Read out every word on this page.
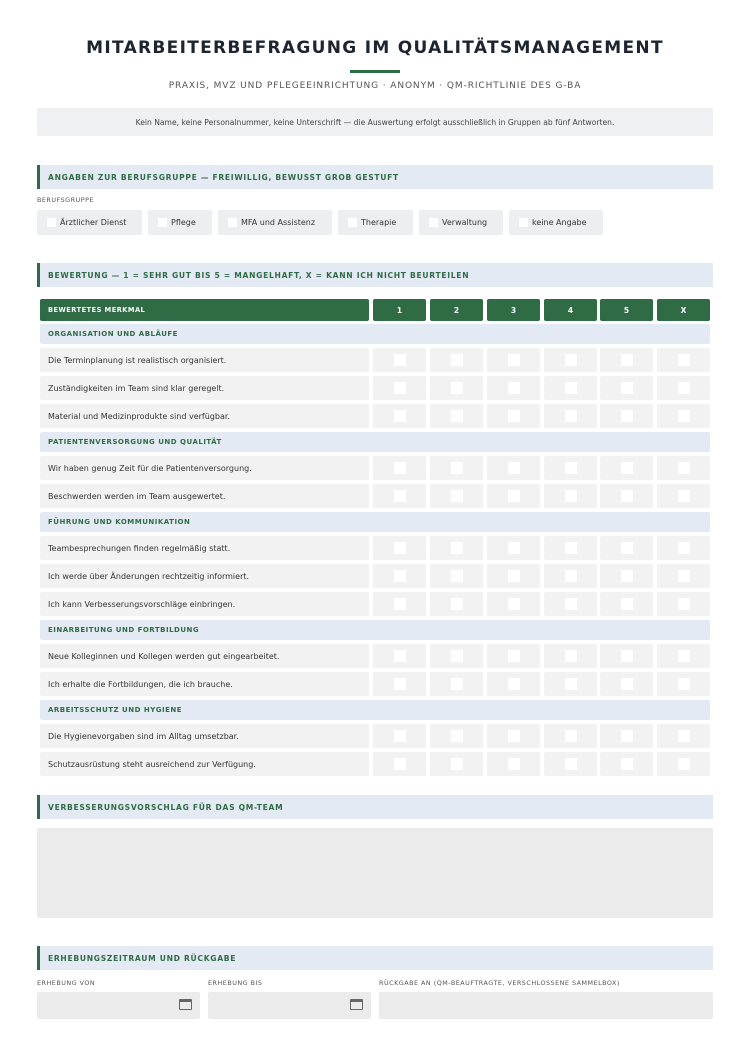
MITARBEITERBEFRAGUNG IM QUALITÄTSMANAGEMENT
PRAXIS, MVZ UND PFLEGEEINRICHTUNG · ANONYM · QM-RICHTLINIE DES G-BA
Kein Name, keine Personalnummer, keine Unterschrift — die Auswertung erfolgt ausschließlich in Gruppen ab fünf Antworten.
ANGABEN ZUR BERUFSGRUPPE — FREIWILLIG, BEWUSST GROB GESTUFT
BERUFSGRUPPE
Ärztlicher Dienst	Pflege	MFA und Assistenz	Therapie	Verwaltung	keine Angabe
BEWERTUNG — 1 = SEHR GUT BIS 5 = MANGELHAFT, X = KANN ICH NICHT BEURTEILEN
BEWERTETES MERKMAL	1	2	3	4	5	X
ORGANISATION UND ABLÄUFE
Die Terminplanung ist realistisch organisiert.
Zuständigkeiten im Team sind klar geregelt.
Material und Medizinprodukte sind verfügbar.
PATIENTENVERSORGUNG UND QUALITÄT
Wir haben genug Zeit für die Patientenversorgung.
Beschwerden werden im Team ausgewertet.
FÜHRUNG UND KOMMUNIKATION
Teambesprechungen finden regelmäßig statt.
Ich werde über Änderungen rechtzeitig informiert.
Ich kann Verbesserungsvorschläge einbringen.
EINARBEITUNG UND FORTBILDUNG
Neue Kolleginnen und Kollegen werden gut eingearbeitet.
Ich erhalte die Fortbildungen, die ich brauche.
ARBEITSSCHUTZ UND HYGIENE
Die Hygienevorgaben sind im Alltag umsetzbar.
Schutzausrüstung steht ausreichend zur Verfügung.
VERBESSERUNGSVORSCHLAG FÜR DAS QM-TEAM
ERHEBUNGSZEITRAUM UND RÜCKGABE
ERHEBUNG VON	ERHEBUNG BIS	RÜCKGABE AN (QM-BEAUFTRAGTE, VERSCHLOSSENE SAMMELBOX)
